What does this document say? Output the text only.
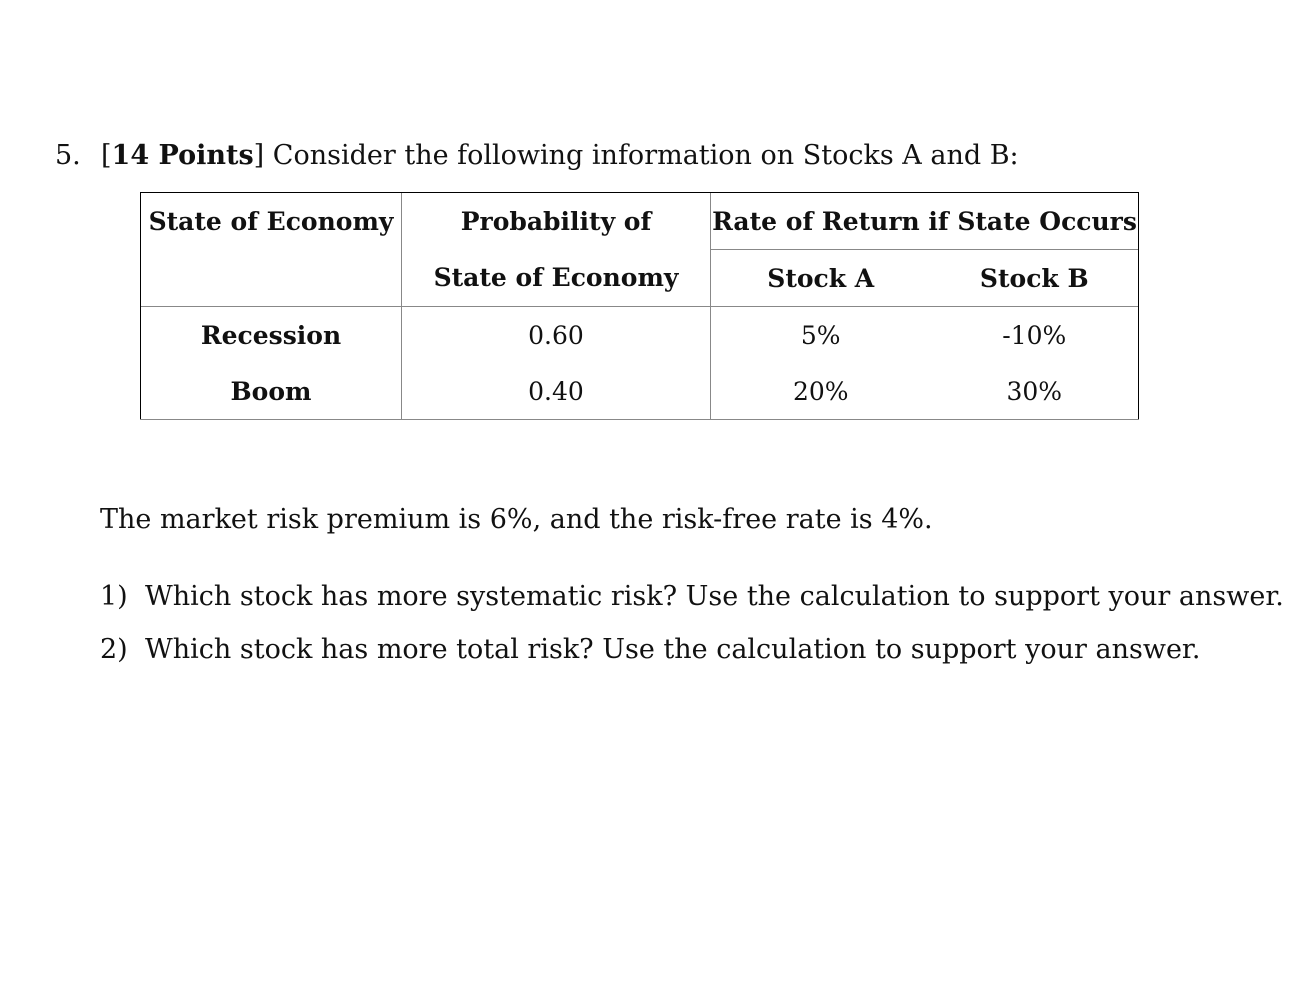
5. [14 Points] Consider the following information on Stocks A and B:
State of Economy	Probability of	Rate of Return if State Occurs	
	State of Economy	Stock A	Stock B
Recession	0.60	5%	-10%
Boom	0.40	20%	30%
The market risk premium is 6%, and the risk-free rate is 4%.
1) Which stock has more systematic risk? Use the calculation to support your answer.
2) Which stock has more total risk? Use the calculation to support your answer.
